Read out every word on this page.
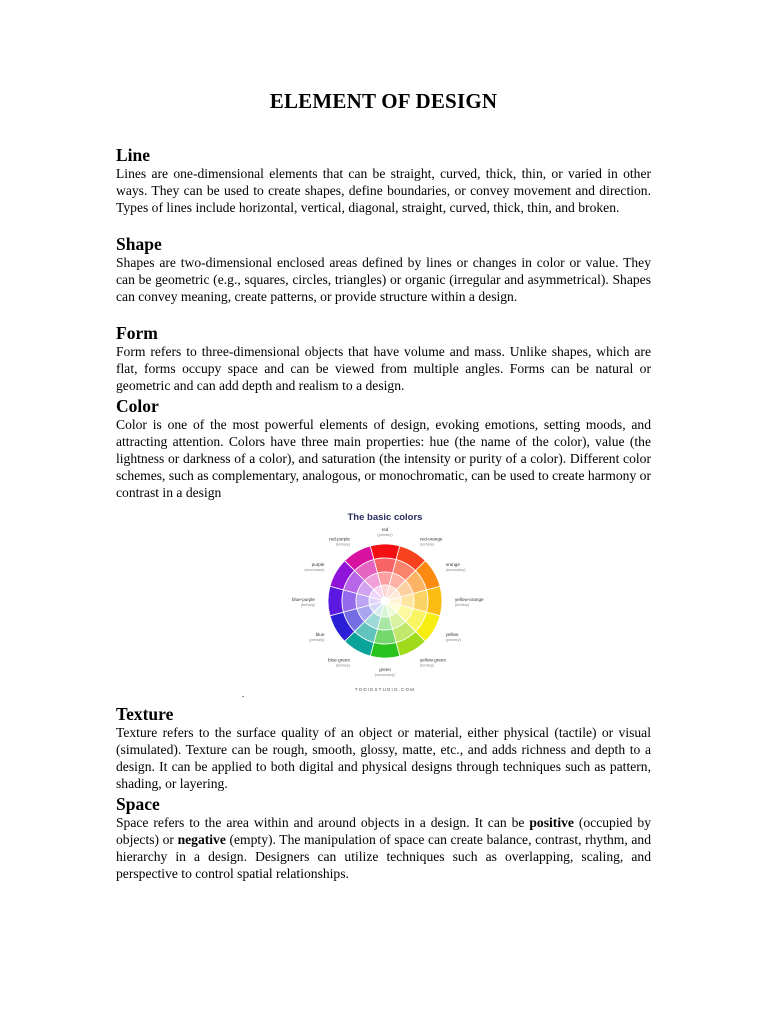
ELEMENT OF DESIGN

Line

Lines are one-dimensional elements that can be straight, curved, thick, thin, or varied in other ways. They can be used to create shapes, define boundaries, or convey movement and direction. Types of lines include horizontal, vertical, diagonal, straight, curved, thick, thin, and broken.

Shape

Shapes are two-dimensional enclosed areas defined by lines or changes in color or value. They can be geometric (e.g., squares, circles, triangles) or organic (irregular and asymmetrical). Shapes can convey meaning, create patterns, or provide structure within a design.

Form

Form refers to three-dimensional objects that have volume and mass. Unlike shapes, which are flat, forms occupy space and can be viewed from multiple angles. Forms can be natural or geometric and can add depth and realism to a design.

Color

Color is one of the most powerful elements of design, evoking emotions, setting moods, and attracting attention. Colors have three main properties: hue (the name of the color), value (the lightness or darkness of a color), and saturation (the intensity or purity of a color). Different color schemes, such as complementary, analogous, or monochromatic, can be used to create harmony or contrast in a design

Texture

Texture refers to the surface quality of an object or material, either physical (tactile) or visual (simulated). Texture can be rough, smooth, glossy, matte, etc., and adds richness and depth to a design. It can be applied to both digital and physical designs through techniques such as pattern, shading, or layering.

Space

Space refers to the area within and around objects in a design. It can be positive (occupied by objects) or negative (empty). The manipulation of space can create balance, contrast, rhythm, and hierarchy in a design. Designers can utilize techniques such as overlapping, scaling, and perspective to control spatial relationships.

The basic colors
red
(primary)
red-orange
(tertiary)
orange
(secondary)
yellow-orange
(tertiary)
yellow
(primary)
yellow-green
(tertiary)
green
(secondary)
blue-green
(tertiary)
blue
(primary)
blue-purple
(tertiary)
purple
(secondary)
red-purple
(tertiary)
TODIESTUDIO.COM
.
